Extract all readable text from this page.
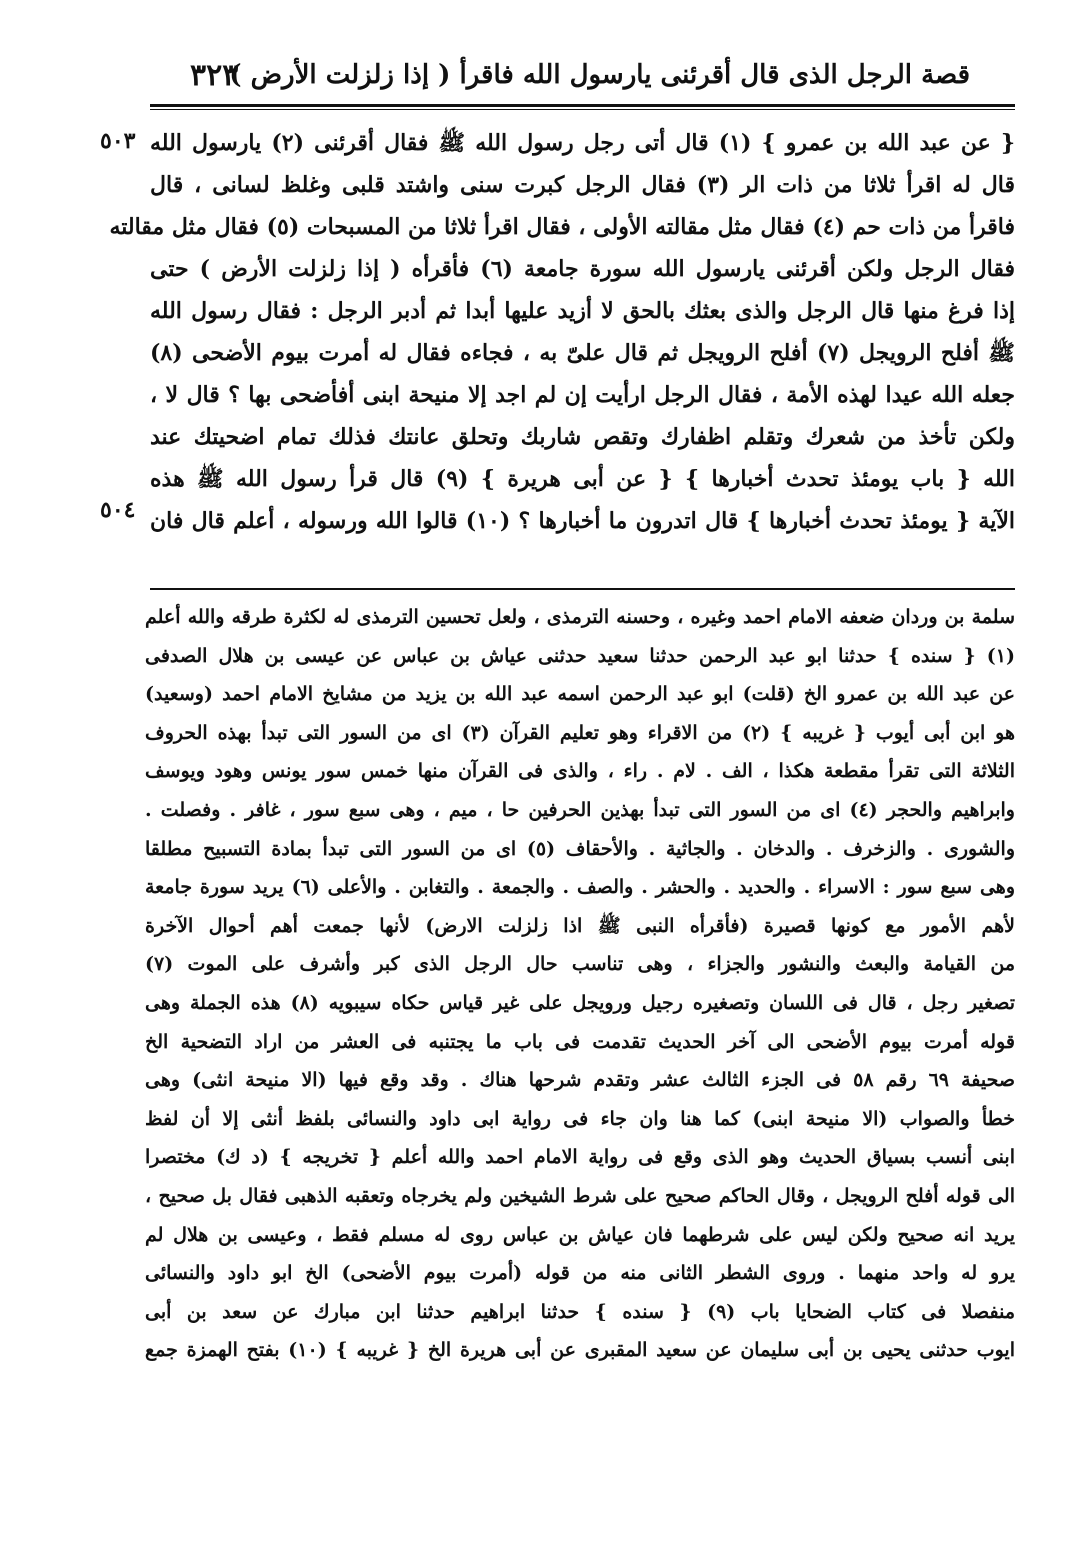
قصة الرجل الذى قال أقرئنى يارسول الله فاقرأ ( إذا زلزلت الأرض )
٣٢٣
٥٠٣
٥٠٤
{ عن عبد الله بن عمرو } (١) قال أتى رجل رسول الله ﷺ فقال أقرئنى (٢) يارسول الله
قال له اقرأ ثلاثا من ذات الر (٣) فقال الرجل كبرت سنى واشتد قلبى وغلظ لسانى ، قال
فاقرأ من ذات حم (٤) فقال مثل مقالته الأولى ، فقال اقرأ ثلاثا من المسبحات (٥) فقال مثل مقالته
فقال الرجل ولكن أقرئنى يارسول الله سورة جامعة (٦) فأقرأه ( إذا زلزلت الأرض ) حتى
إذا فرغ منها قال الرجل والذى بعثك بالحق لا أزيد عليها أبدا ثم أدبر الرجل : فقال رسول الله
ﷺ أفلح الرويجل (٧) أفلح الرويجل ثم قال علىّ به ، فجاءه فقال له أمرت بيوم الأضحى (٨)
جعله الله عيدا لهذه الأمة ، فقال الرجل ارأيت إن لم اجد إلا منيحة ابنى أفأضحى بها ؟ قال لا ،
ولكن تأخذ من شعرك وتقلم اظفارك وتقص شاربك وتحلق عانتك فذلك تمام اضحيتك عند
الله { باب يومئذ تحدث أخبارها } { عن أبى هريرة } (٩) قال قرأ رسول الله ﷺ هذه
الآية { يومئذ تحدث أخبارها } قال اتدرون ما أخبارها ؟ (١٠) قالوا الله ورسوله ، أعلم قال فان
سلمة بن وردان ضعفه الامام احمد وغيره ، وحسنه الترمذى ، ولعل تحسين الترمذى له لكثرة طرقه والله أعلم
(١) { سنده } حدثنا ابو عبد الرحمن حدثنا سعيد حدثنى عياش بن عباس عن عيسى بن هلال الصدفى
عن عبد الله بن عمرو الخ (قلت) ابو عبد الرحمن اسمه عبد الله بن يزيد من مشايخ الامام احمد (وسعيد)
هو ابن أبى أيوب { غريبه } (٢) من الاقراء وهو تعليم القرآن (٣) اى من السور التى تبدأ بهذه الحروف
الثلاثة التى تقرأ مقطعة هكذا ، الف . لام . راء ، والذى فى القرآن منها خمس سور يونس وهود ويوسف
وابراهيم والحجر (٤) اى من السور التى تبدأ بهذين الحرفين حا ، ميم ، وهى سبع سور ، غافر . وفصلت .
والشورى . والزخرف . والدخان . والجاثية . والأحقاف (٥) اى من السور التى تبدأ بمادة التسبيح مطلقا
وهى سبع سور : الاسراء . والحديد . والحشر . والصف . والجمعة . والتغابن . والأعلى (٦) يريد سورة جامعة
لأهم الأمور مع كونها قصيرة (فأقرأه النبى ﷺ اذا زلزلت الارض) لأنها جمعت أهم أحوال الآخرة
من القيامة والبعث والنشور والجزاء ، وهى تناسب حال الرجل الذى كبر وأشرف على الموت (٧)
تصغير رجل ، قال فى اللسان وتصغيره رجيل ورويجل على غير قياس حكاه سيبويه (٨) هذه الجملة وهى
قوله أمرت بيوم الأضحى الى آخر الحديث تقدمت فى باب ما يجتنبه فى العشر من اراد التضحية الخ
صحيفة ٦٩ رقم ٥٨ فى الجزء الثالث عشر وتقدم شرحها هناك . وقد وقع فيها (الا منيحة انثى) وهى
خطأ والصواب (الا منيحة ابنى) كما هنا وان جاء فى رواية ابى داود والنسائى بلفظ أنثى إلا أن لفظ
ابنى أنسب بسياق الحديث وهو الذى وقع فى رواية الامام احمد والله أعلم { تخريجه } (د ك) مختصرا
الى قوله أفلح الرويجل ، وقال الحاكم صحيح على شرط الشيخين ولم يخرجاه وتعقبه الذهبى فقال بل صحيح ،
يريد انه صحيح ولكن ليس على شرطهما فان عياش بن عباس روى له مسلم فقط ، وعيسى بن هلال لم
يرو له واحد منهما . وروى الشطر الثانى منه من قوله (أمرت بيوم الأضحى) الخ ابو داود والنسائى
منفصلا فى كتاب الضحايا باب (٩) { سنده } حدثنا ابراهيم حدثنا ابن مبارك عن سعد بن أبى
ايوب حدثنى يحيى بن أبى سليمان عن سعيد المقبرى عن أبى هريرة الخ { غريبه } (١٠) بفتح الهمزة جمع
